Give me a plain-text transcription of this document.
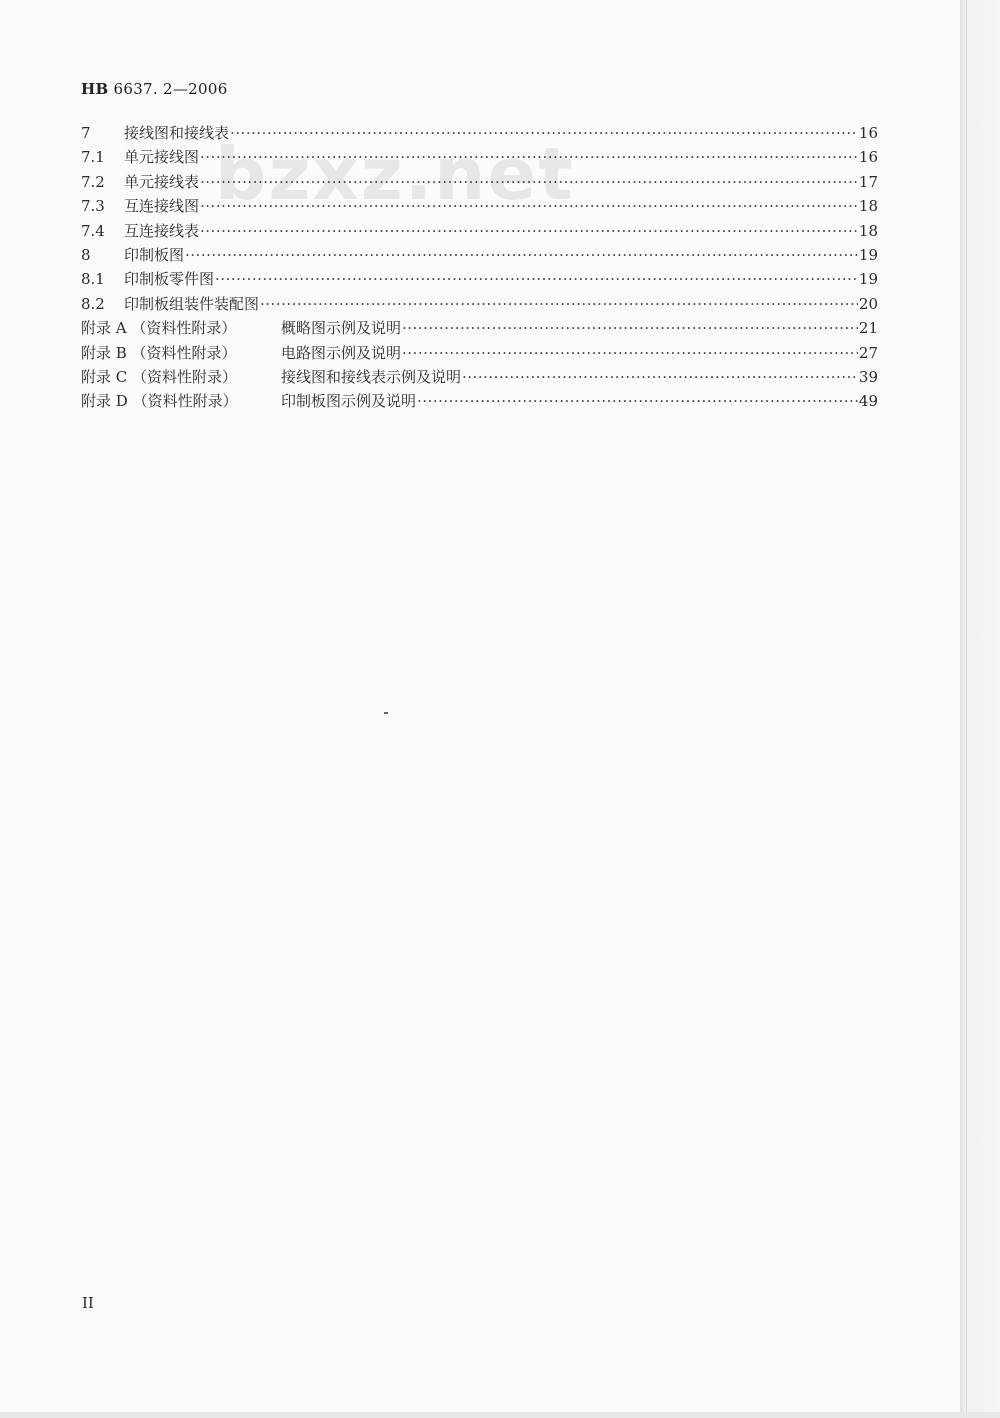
HB 6637. 2—2006
bzxz.net
7	接线图和接线表 ·····	16
7.1	单元接线图 ·····	16
7.2	单元接线表 ·····	17
7.3	互连接线图 ·····	18
7.4	互连接线表 ·····	18
8	印制板图 ·····	19
8.1	印制板零件图 ·····	19
8.2	印制板组装件装配图 ·····	20
附录 A （资料性附录）	概略图示例及说明 ·····	21
附录 B （资料性附录）	电路图示例及说明 ·····	27
附录 C （资料性附录）	接线图和接线表示例及说明 ·····	39
附录 D （资料性附录）	印制板图示例及说明 ·····	49
II
